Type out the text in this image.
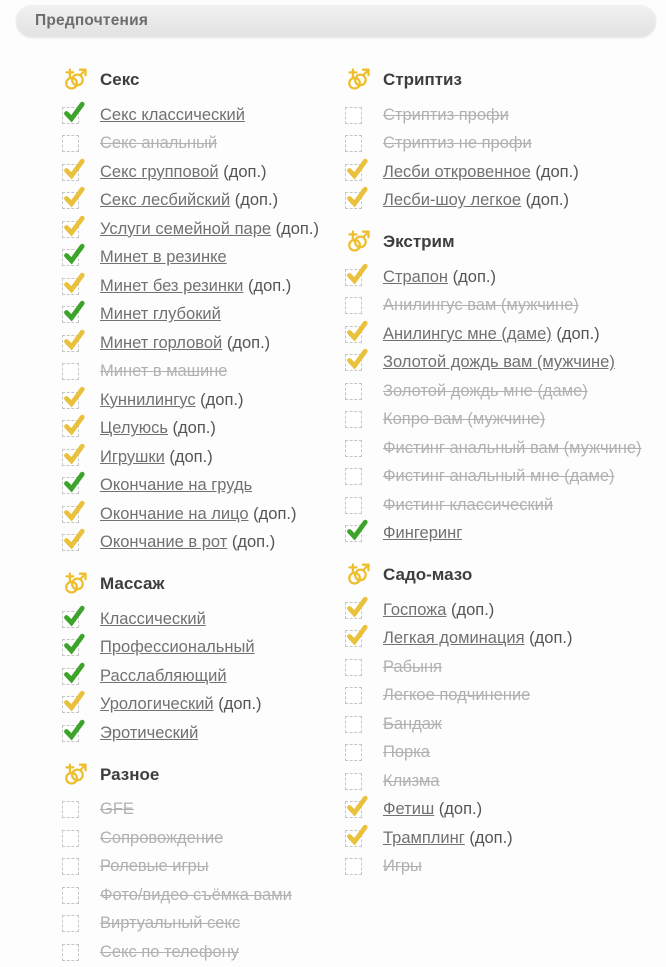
Предпочтения
Секс
Секс классический
Секс анальный
Секс групповой (доп.)
Секс лесбийский (доп.)
Услуги семейной паре (доп.)
Минет в резинке
Минет без резинки (доп.)
Минет глубокий
Минет горловой (доп.)
Минет в машине
Куннилингус (доп.)
Целуюсь (доп.)
Игрушки (доп.)
Окончание на грудь
Окончание на лицо (доп.)
Окончание в рот (доп.)
Массаж
Классический
Профессиональный
Расслабляющий
Урологический (доп.)
Эротический
Разное
GFE
Сопровождение
Ролевые игры
Фото/видео съёмка вами
Виртуальный секс
Секс по телефону
Стриптиз
Стриптиз профи
Стриптиз не профи
Лесби откровенное (доп.)
Лесби-шоу легкое (доп.)
Экстрим
Страпон (доп.)
Анилингус вам (мужчине)
Анилингус мне (даме) (доп.)
Золотой дождь вам (мужчине)
Золотой дождь мне (даме)
Копро вам (мужчине)
Фистинг анальный вам (мужчине)
Фистинг анальный мне (даме)
Фистинг классический
Фингеринг
Садо-мазо
Госпожа (доп.)
Легкая доминация (доп.)
Рабыня
Легкое подчинение
Бандаж
Порка
Клизма
Фетиш (доп.)
Трамплинг (доп.)
Игры
